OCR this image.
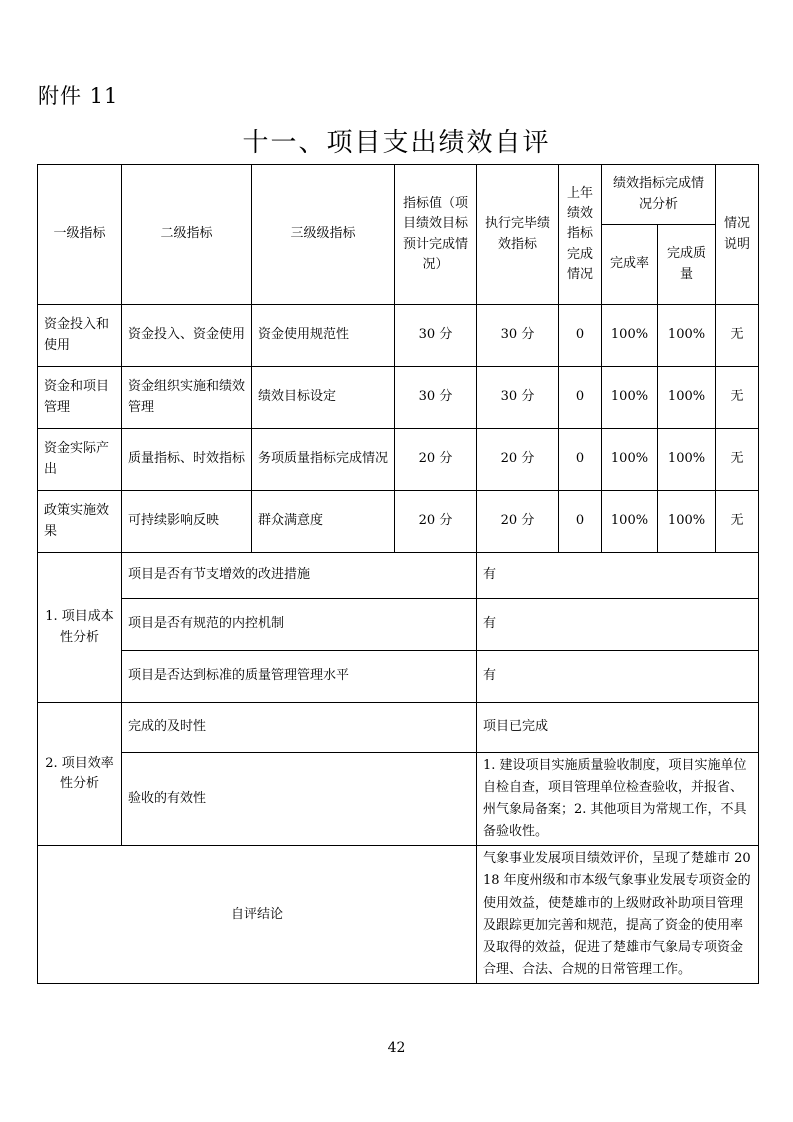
附件 11
十一、项目支出绩效自评
一级指标	二级指标	三级级指标	指标值（项目绩效目标预计完成情况）	执行完毕绩效指标	上年绩效指标完成情况	绩效指标完成情况分析		情况说明
						完成率	完成质量	
资金投入和使用	资金投入、资金使用	资金使用规范性	30 分	30 分	0	100%	100%	无
资金和项目管理	资金组织实施和绩效管理	绩效目标设定	30 分	30 分	0	100%	100%	无
资金实际产出	质量指标、时效指标	务项质量指标完成情况	20 分	20 分	0	100%	100%	无
政策实施效果	可持续影响反映	群众满意度	20 分	20 分	0	100%	100%	无
1. 项目成本性分析	项目是否有节支增效的改进措施			有				
	项目是否有规范的内控机制			有				
	项目是否达到标准的质量管理管理水平			有				
2. 项目效率性分析	完成的及时性			项目已完成				
	验收的有效性			1. 建设项目实施质量验收制度，项目实施单位自检自查，项目管理单位检查验收，并报省、州气象局备案；2. 其他项目为常规工作，不具备验收性。				
自评结论				气象事业发展项目绩效评价，呈现了楚雄市 2018 年度州级和市本级气象事业发展专项资金的使用效益，使楚雄市的上级财政补助项目管理及跟踪更加完善和规范，提高了资金的使用率及取得的效益，促进了楚雄市气象局专项资金合理、合法、合规的日常管理工作。				
42
